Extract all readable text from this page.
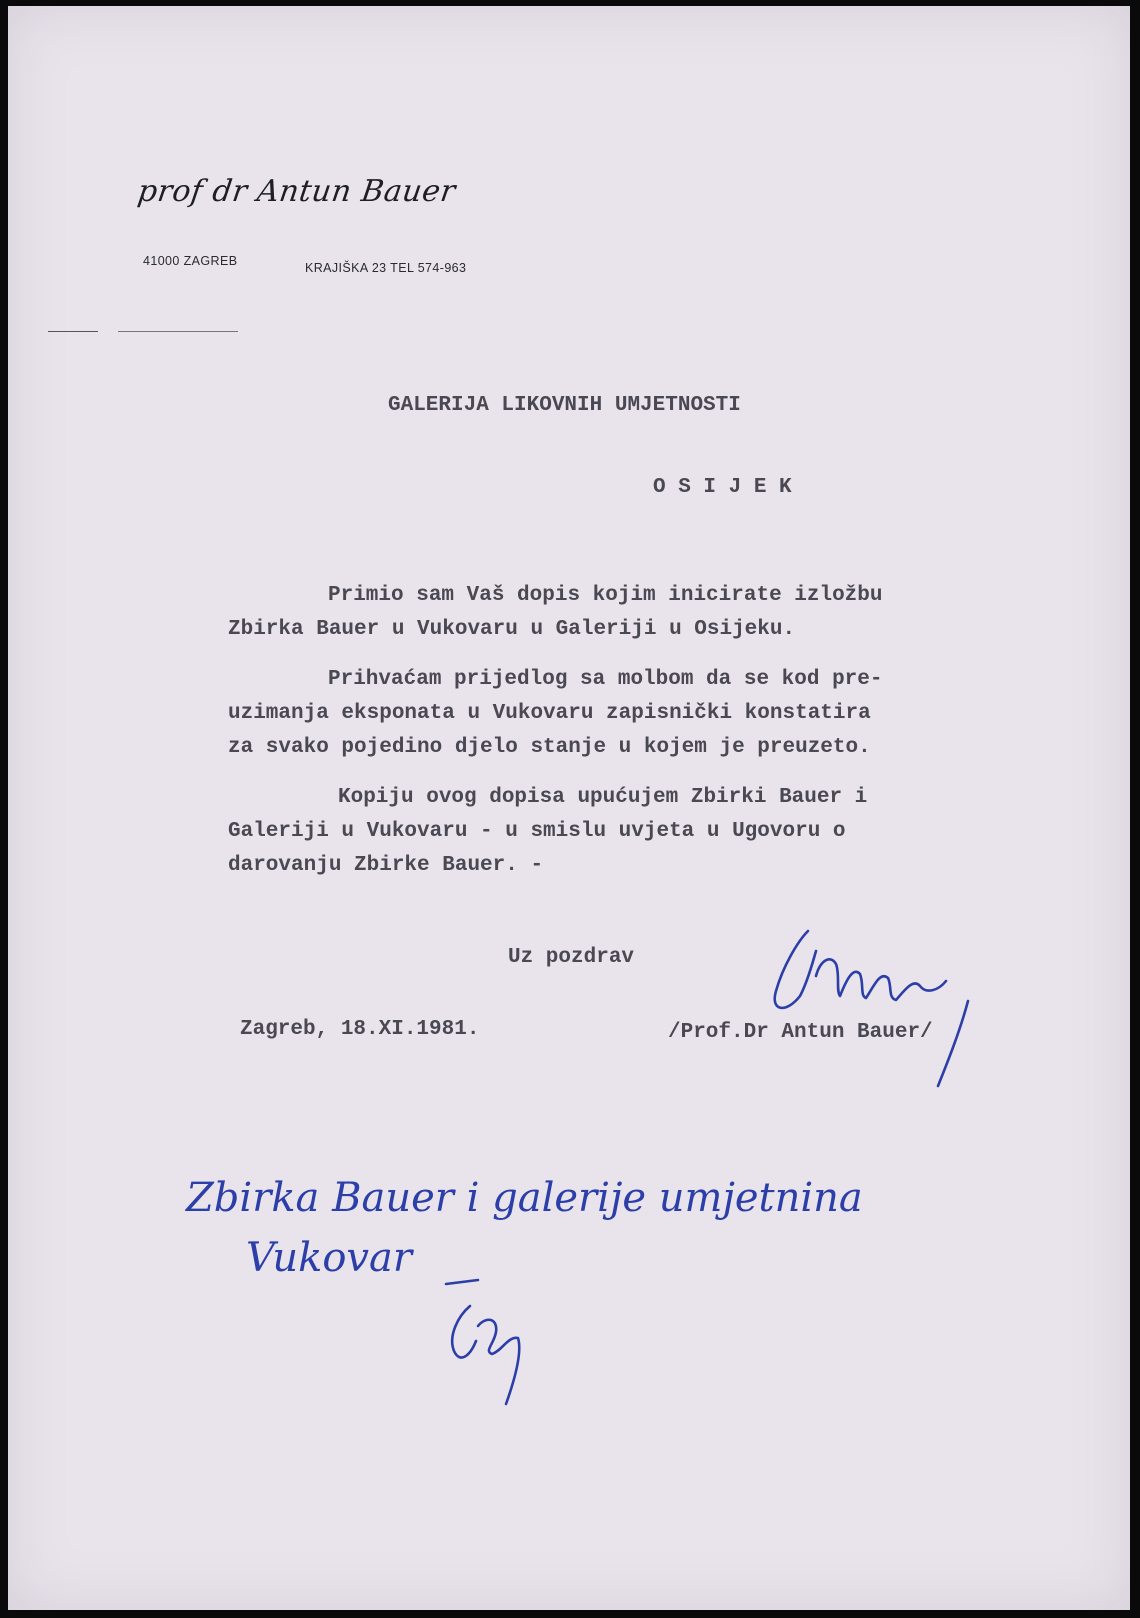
prof dr Antun Bauer
41000 ZAGREB	KRAJIŠKA 23 TEL 574-963
GALERIJA LIKOVNIH UMJETNOSTI
O S I J E K
Primio sam Vaš dopis kojim inicirate izložbu
Zbirka Bauer u Vukovaru u Galeriji u Osijeku.
Prihvaćam prijedlog sa molbom da se kod pre-
uzimanja eksponata u Vukovaru zapisnički konstatira
za svako pojedino djelo stanje u kojem je preuzeto.
Kopiju ovog dopisa upućujem Zbirki Bauer i
Galeriji u Vukovaru - u smislu uvjeta u Ugovoru o
darovanju Zbirke Bauer. -
Uz pozdrav
Zagreb, 18.XI.1981.	/Prof.Dr Antun Bauer/
Zbirka Bauer i galerije umjetnina
Vukovar
